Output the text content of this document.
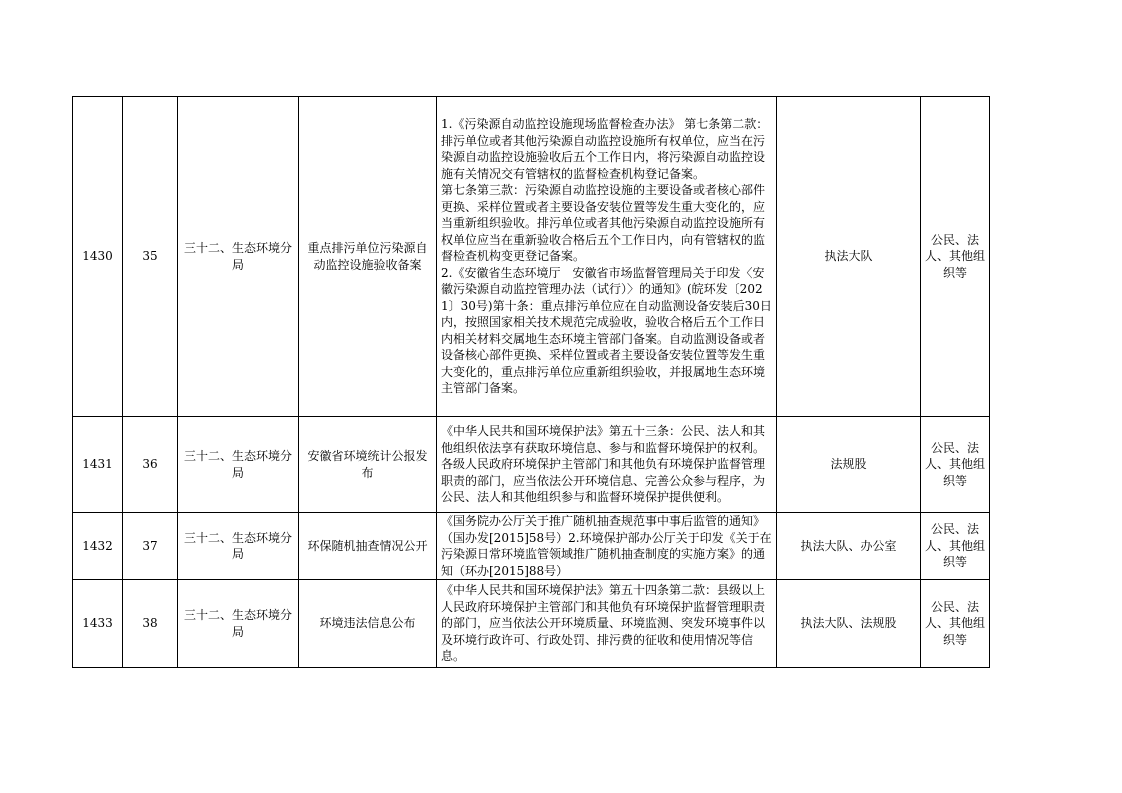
1430	35	三十二、生态环境分局	重点排污单位污染源自动监控设施验收备案	1.《污染源自动监控设施现场监督检查办法》 第七条第二款：排污单位或者其他污染源自动监控设施所有权单位，应当在污染源自动监控设施验收后五个工作日内，将污染源自动监控设施有关情况交有管辖权的监督检查机构登记备案。
第七条第三款：污染源自动监控设施的主要设备或者核心部件更换、采样位置或者主要设备安装位置等发生重大变化的，应当重新组织验收。排污单位或者其他污染源自动监控设施所有权单位应当在重新验收合格后五个工作日内，向有管辖权的监督检查机构变更登记备案。
2.《安徽省生态环境厅　安徽省市场监督管理局关于印发〈安徽污染源自动监控管理办法（试行）〉的通知》(皖环发〔2021〕30号)第十条：重点排污单位应在自动监测设备安装后30日内，按照国家相关技术规范完成验收，验收合格后五个工作日内相关材料交属地生态环境主管部门备案。自动监测设备或者设备核心部件更换、采样位置或者主要设备安装位置等发生重大变化的，重点排污单位应重新组织验收，并报属地生态环境主管部门备案。	执法大队	公民、法人、其他组织等
1431	36	三十二、生态环境分局	安徽省环境统计公报发布	《中华人民共和国环境保护法》第五十三条：公民、法人和其他组织依法享有获取环境信息、参与和监督环境保护的权利。各级人民政府环境保护主管部门和其他负有环境保护监督管理职责的部门，应当依法公开环境信息、完善公众参与程序，为公民、法人和其他组织参与和监督环境保护提供便利。	法规股	公民、法人、其他组织等
1432	37	三十二、生态环境分局	环保随机抽查情况公开	《国务院办公厅关于推广随机抽查规范事中事后监管的通知》（国办发[2015]58号）2.环境保护部办公厅关于印发《关于在污染源日常环境监管领域推广随机抽查制度的实施方案》的通知（环办[2015]88号）	执法大队、办公室	公民、法人、其他组织等
1433	38	三十二、生态环境分局	环境违法信息公布	《中华人民共和国环境保护法》第五十四条第二款：县级以上人民政府环境保护主管部门和其他负有环境保护监督管理职责的部门，应当依法公开环境质量、环境监测、突发环境事件以及环境行政许可、行政处罚、排污费的征收和使用情况等信息。	执法大队、法规股	公民、法人、其他组织等
